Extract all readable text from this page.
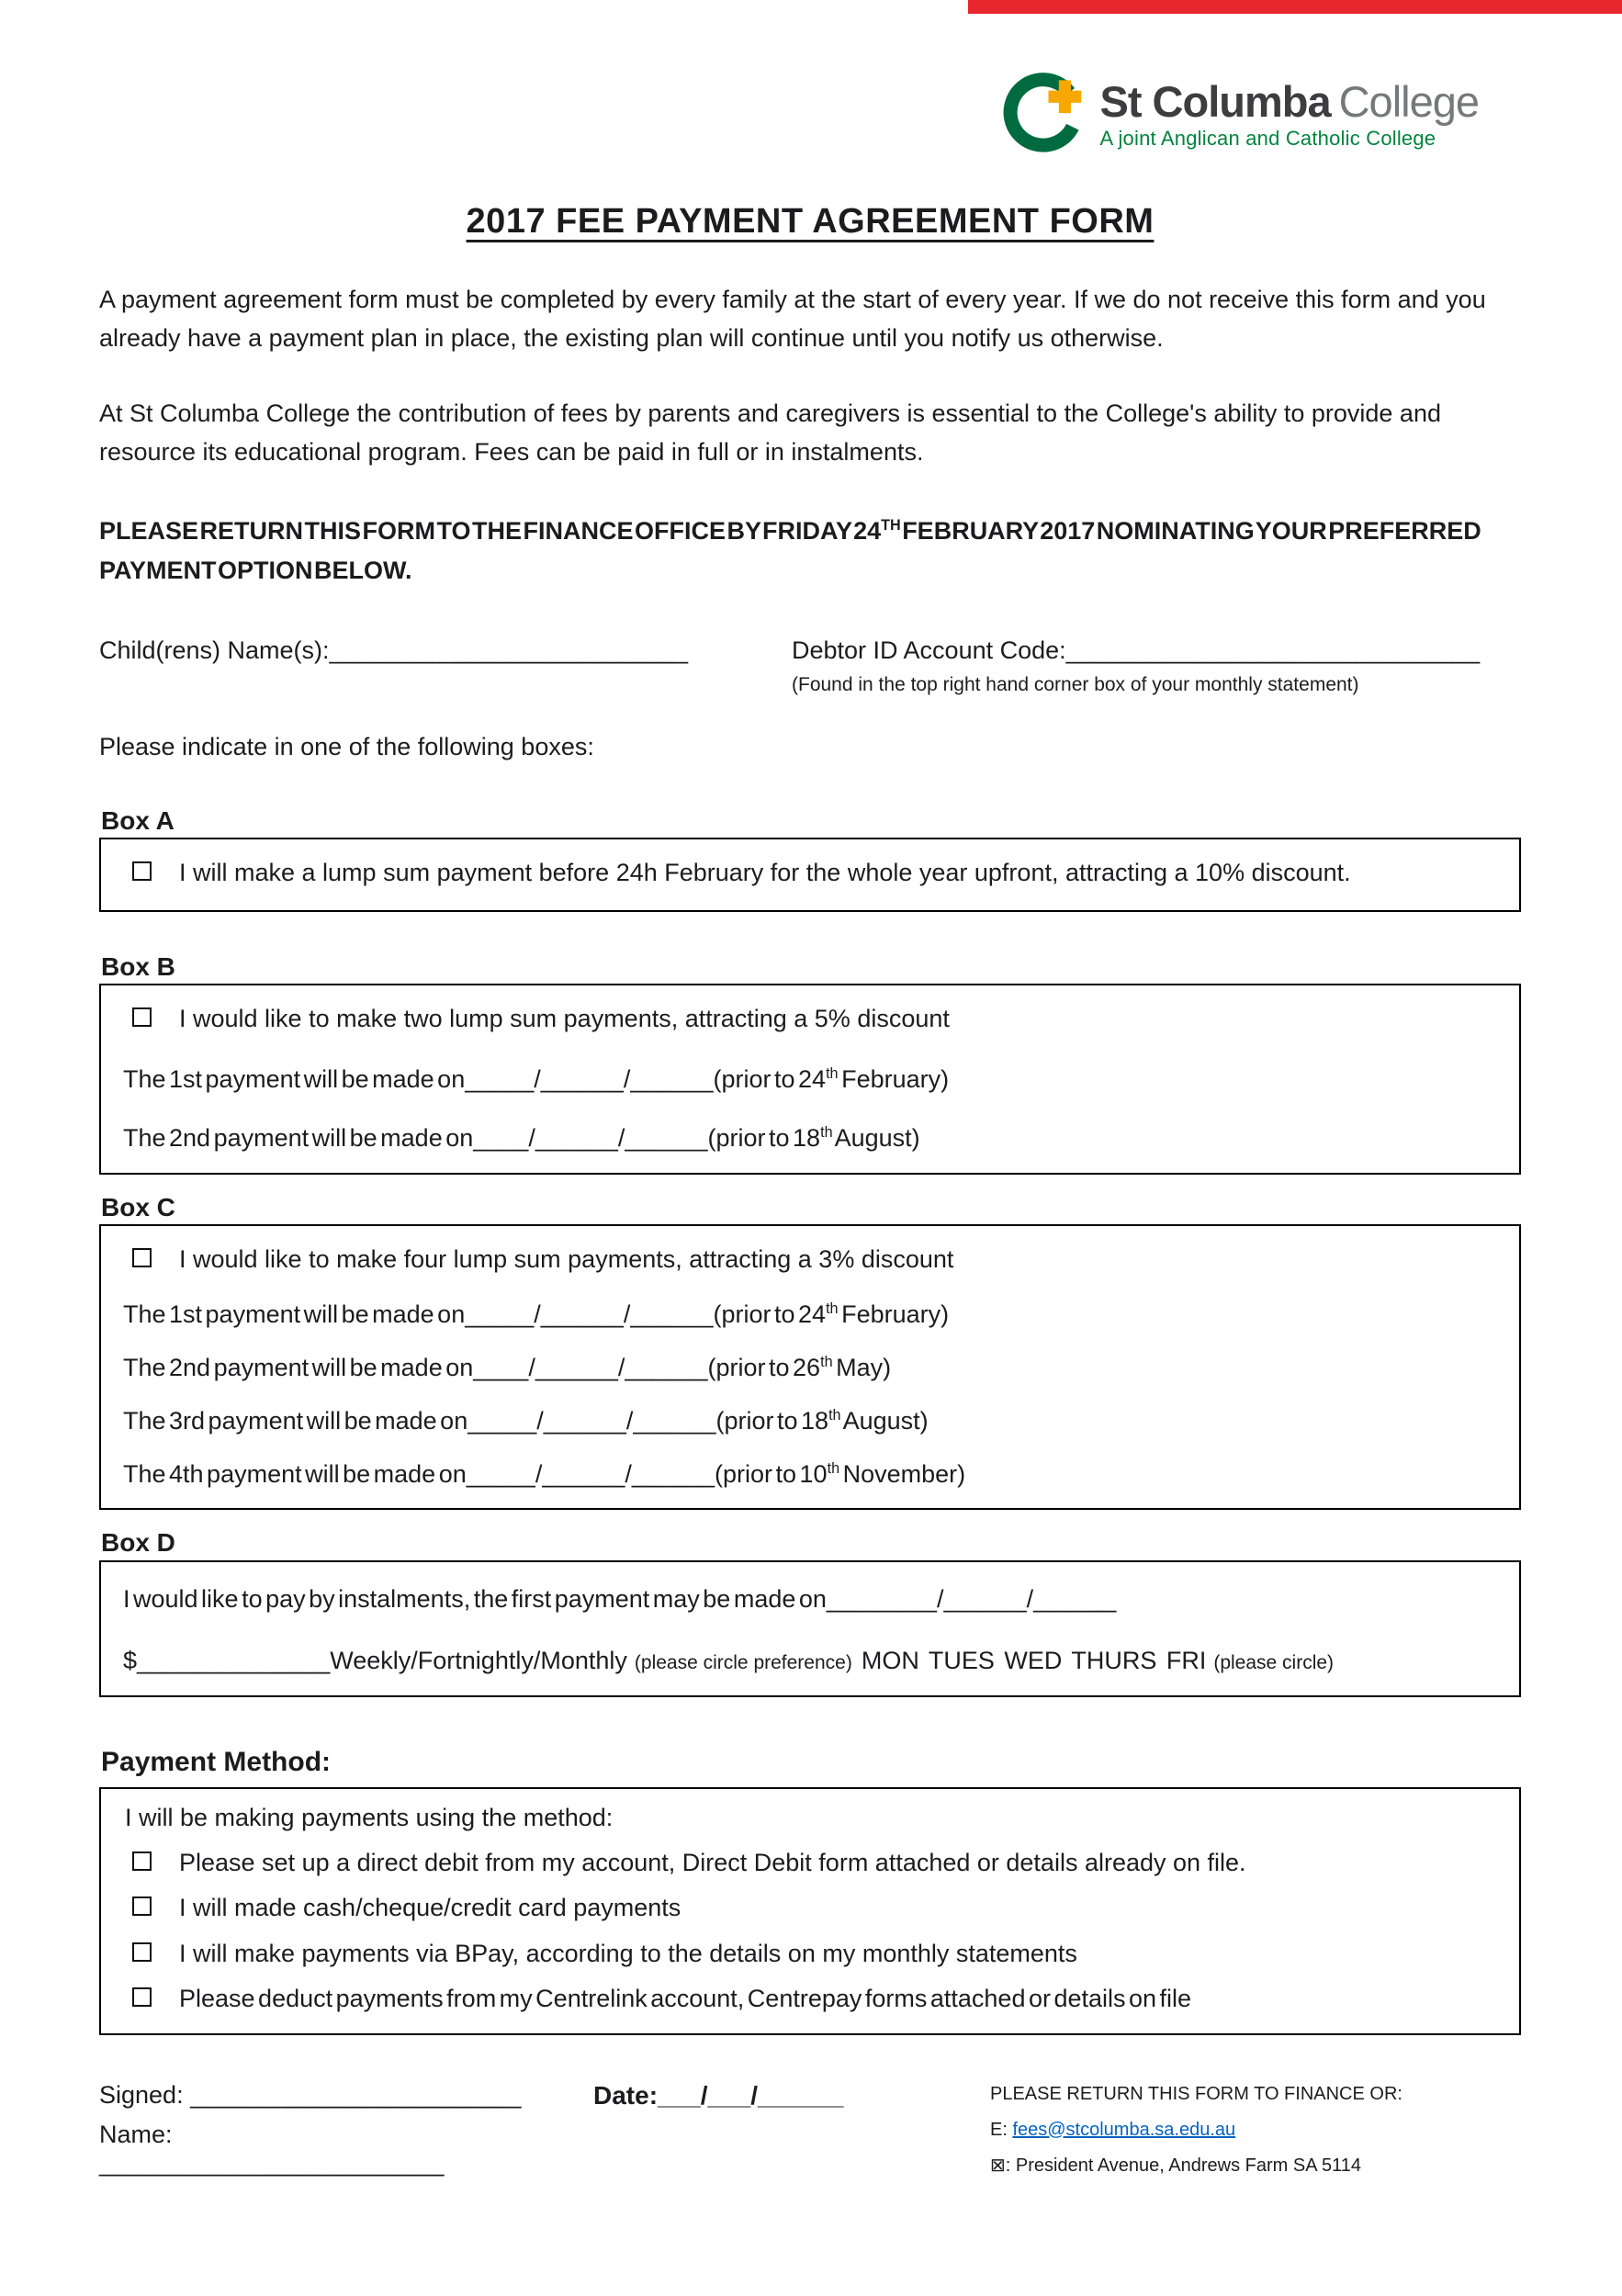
St Columba College
A joint Anglican and Catholic College
2017 FEE PAYMENT AGREEMENT FORM

A payment agreement form must be completed by every family at the start of every year. If we do not receive this form and you already have a payment plan in place, the existing plan will continue until you notify us otherwise.

At St Columba College the contribution of fees by parents and caregivers is essential to the College's ability to provide and resource its educational program. Fees can be paid in full or in instalments.

PLEASE RETURN THIS FORM TO THE FINANCE OFFICE BY FRIDAY 24TH FEBRUARY 2017 NOMINATING YOUR PREFERRED PAYMENT OPTION BELOW.

Child(rens) Name(s):__________________________	Debtor ID Account Code:______________________________
(Found in the top right hand corner box of your monthly statement)

Please indicate in one of the following boxes:

Box A
I will make a lump sum payment before 24h February for the whole year upfront, attracting a 10% discount.
Box B
I would like to make two lump sum payments, attracting a 5% discount
The 1st payment will be made on_____/______/______(prior to 24th February)
The 2nd payment will be made on____/______/______(prior to 18th August)
Box C
I would like to make four lump sum payments, attracting a 3% discount
The 1st payment will be made on_____/______/______(prior to 24th February)
The 2nd payment will be made on____/______/______(prior to 26th May)
The 3rd payment will be made on_____/______/______(prior to 18th August)
The 4th payment will be made on_____/______/______(prior to 10th November)
Box D
I would like to pay by instalments, the first payment may be made on________/______/______
$______________Weekly/Fortnightly/Monthly (please circle preference) MON TUES WED THURS FRI (please circle)
Payment Method:
I will be making payments using the method:
Please set up a direct debit from my account, Direct Debit form attached or details already on file.
I will made cash/cheque/credit card payments
I will make payments via BPay, according to the details on my monthly statements
Please deduct payments from my Centrelink account, Centrepay forms attached or details on file
Signed: ________________________
Name: _________________________
Date:___/___/______	PLEASE RETURN THIS FORM TO FINANCE OR:
E: fees@stcolumba.sa.edu.au
⊠: President Avenue, Andrews Farm SA 5114
